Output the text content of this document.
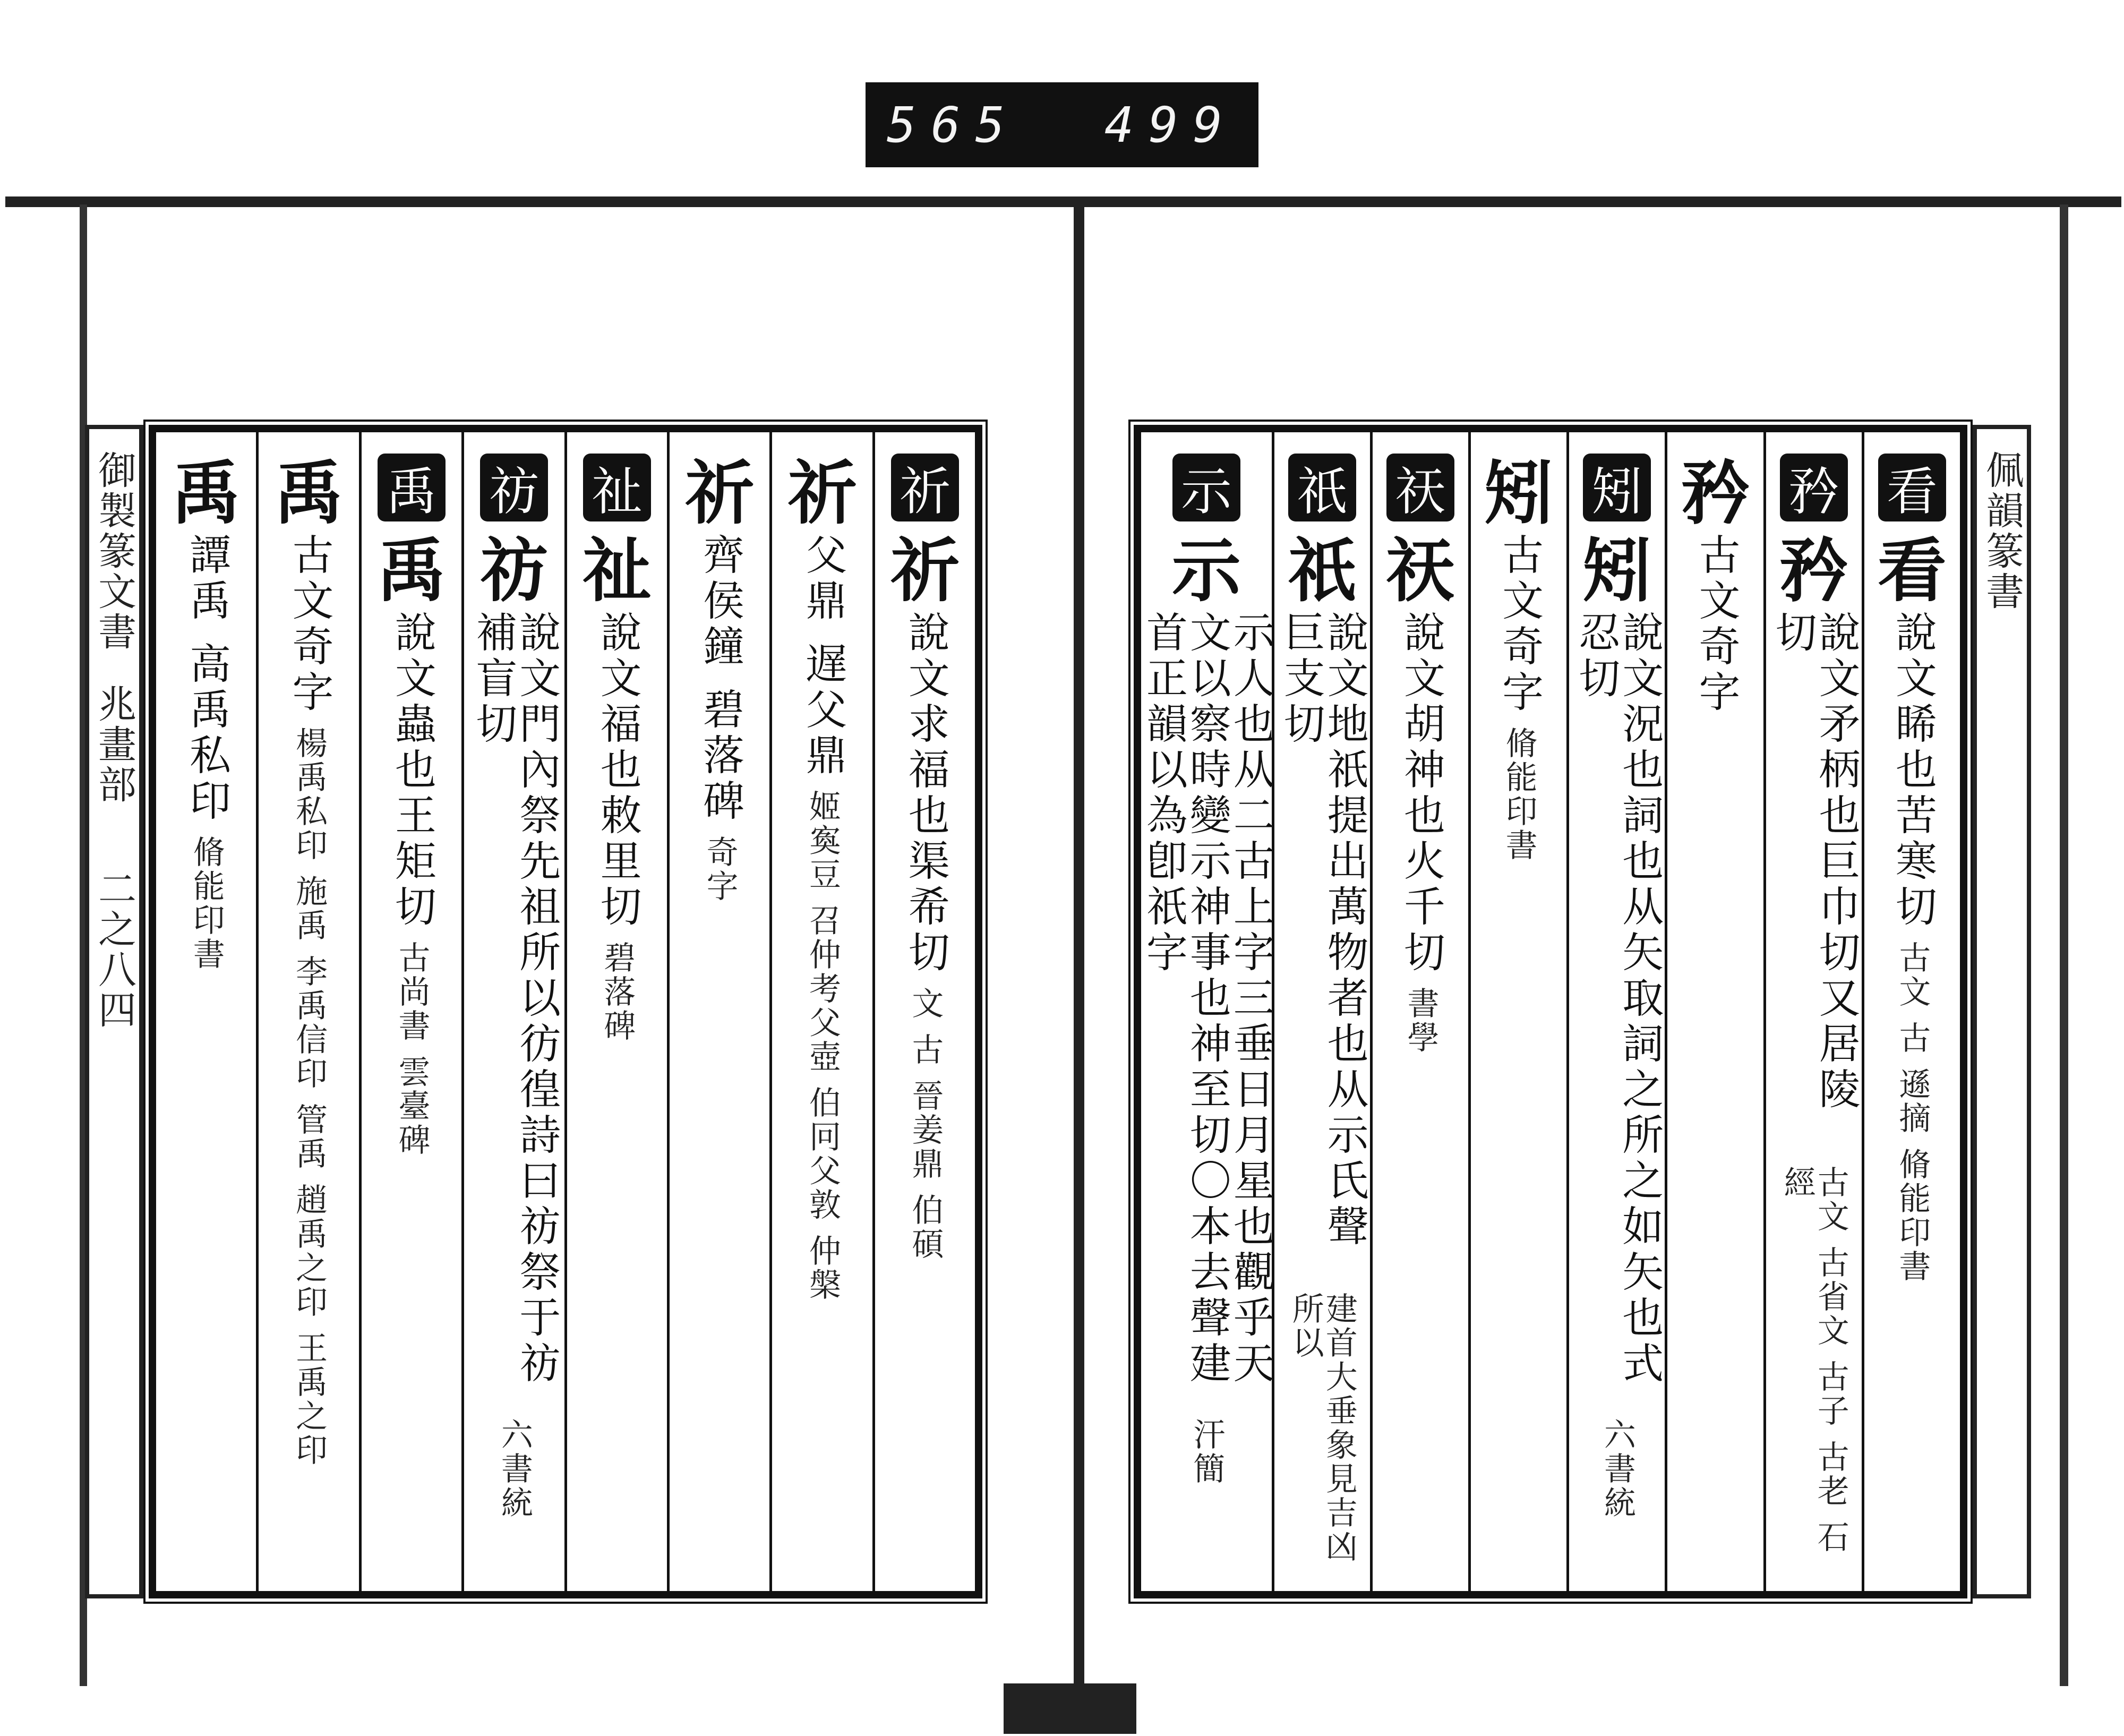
565 499
御製篆文書
兆畫部
二之八四
祈
祈
說文求福也渠希切
文 古 晉姜鼎 伯碩
祈
父鼎 遅父鼎
姬寏豆 召仲考父壺 伯冋父敦 仲槃
祈
齊侯鐘 碧落碑
奇字
祉
祉
說文福也敕里切
碧落碑
祊
祊
說文門內祭先祖所以彷徨詩曰祊祭于祊補盲切
六書統
禹
禹
說文蟲也王矩切
古尚書 雲臺碑
禹
古文奇字
楊禹私印 施禹 李禹信印 管禹 趙禹之印 王禹之印
禹
譚禹 高禹私印
脩能印書
佩韻篆書
看
看
說文睎也苦寒切
古文 古 遜摘 脩能印書
矜
矜
說文矛柄也巨巾切又居陵切
古文 古省文 古子 古老 石經
矜
古文奇字
矧
矧
說文況也詞也从矢取詞之所之如矢也式忍切
六書統
矧
古文奇字
脩能印書
祆
祆
說文胡神也火千切
書學
祇
祇
說文地祇提出萬物者也从示氏聲巨支切
建首大垂象見吉凶所以
示
示
示人也从二古上字三垂日月星也觀乎天文以察時變示神事也神至切〇本去聲建首正韻以為卽祇字
汗簡
